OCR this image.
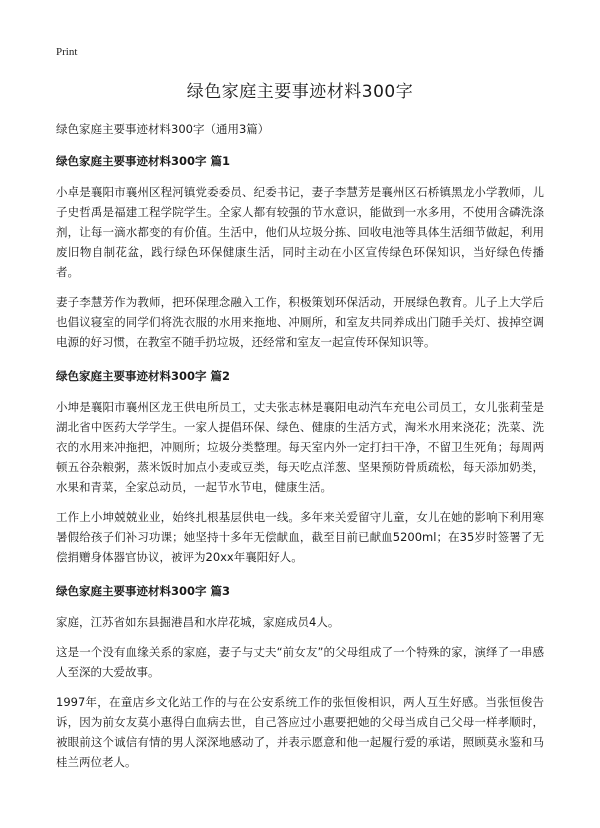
Print
绿色家庭主要事迹材料300字
绿色家庭主要事迹材料300字（通用3篇）
绿色家庭主要事迹材料300字 篇1
小卓是襄阳市襄州区程河镇党委委员、纪委书记，妻子李慧芳是襄州区石桥镇黑龙小学教师，儿子史哲禹是福建工程学院学生。全家人都有较强的节水意识，能做到一水多用，不使用含磷洗涤剂，让每一滴水都变的有价值。生活中，他们从垃圾分拣、回收电池等具体生活细节做起，利用废旧物自制花盆，践行绿色环保健康生活，同时主动在小区宣传绿色环保知识，当好绿色传播者。
妻子李慧芳作为教师，把环保理念融入工作，积极策划环保活动，开展绿色教育。儿子上大学后也倡议寝室的同学们将洗衣服的水用来拖地、冲厕所，和室友共同养成出门随手关灯、拔掉空调电源的好习惯，在教室不随手扔垃圾，还经常和室友一起宣传环保知识等。
绿色家庭主要事迹材料300字 篇2
小坤是襄阳市襄州区龙王供电所员工，丈夫张志林是襄阳电动汽车充电公司员工，女儿张莉莹是湖北省中医药大学学生。一家人提倡环保、绿色、健康的生活方式，淘米水用来浇花；洗菜、洗衣的水用来冲拖把，冲厕所；垃圾分类整理。每天室内外一定打扫干净，不留卫生死角；每周两顿五谷杂粮粥，蒸米饭时加点小麦或豆类，每天吃点洋葱、坚果预防骨质疏松，每天添加奶类，水果和青菜，全家总动员，一起节水节电，健康生活。
工作上小坤兢兢业业，始终扎根基层供电一线。多年来关爱留守儿童，女儿在她的影响下利用寒暑假给孩子们补习功课；她坚持十多年无偿献血，截至目前已献血5200ml；在35岁时签署了无偿捐赠身体器官协议，被评为20xx年襄阳好人。
绿色家庭主要事迹材料300字 篇3
家庭，江苏省如东县掘港昌和水岸花城，家庭成员4人。
这是一个没有血缘关系的家庭，妻子与丈夫“前女友”的父母组成了一个特殊的家，演绎了一串感人至深的大爱故事。
1997年，在童店乡文化站工作的与在公安系统工作的张恒俊相识，两人互生好感。当张恒俊告诉，因为前女友莫小惠得白血病去世，自己答应过小惠要把她的父母当成自己父母一样孝顺时，被眼前这个诚信有情的男人深深地感动了，并表示愿意和他一起履行爱的承诺，照顾莫永鉴和马桂兰两位老人。
